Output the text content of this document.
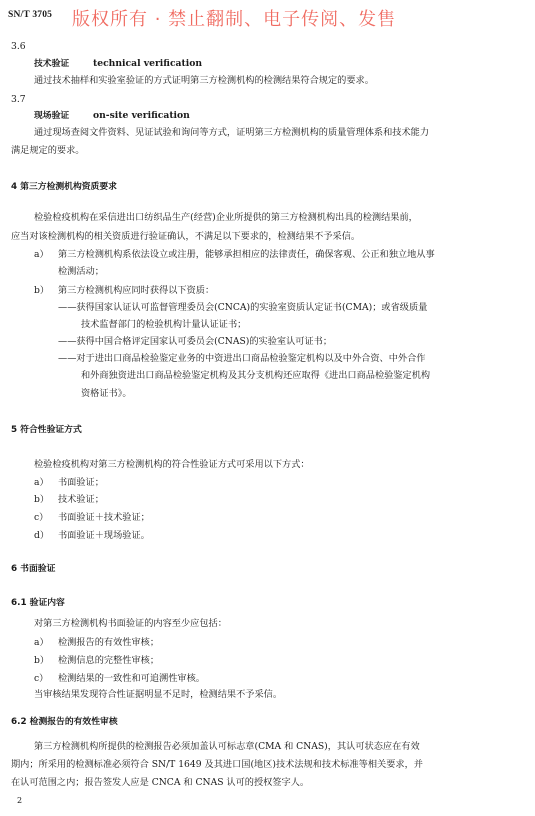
SN/T 3705 版权所有 · 禁止翻制、电子传阅、发售
3.6
技术验证	technical verification
通过技术抽样和实验室验证的方式证明第三方检测机构的检测结果符合规定的要求。
3.7
现场验证	on-site verification
通过现场查阅文件资料、见证试验和询问等方式，证明第三方检测机构的质量管理体系和技术能力
满足规定的要求。
4 第三方检测机构资质要求
检验检疫机构在采信进出口纺织品生产(经营)企业所提供的第三方检测机构出具的检测结果前，
应当对该检测机构的相关资质进行验证确认，不满足以下要求的，检测结果不予采信。
a） 第三方检测机构系依法设立或注册，能够承担相应的法律责任，确保客观、公正和独立地从事
检测活动；
b） 第三方检测机构应同时获得以下资质：
——获得国家认证认可监督管理委员会(CNCA)的实验室资质认定证书(CMA)；或省级质量
技术监督部门的检验机构计量认证证书；
——获得中国合格评定国家认可委员会(CNAS)的实验室认可证书；
——对于进出口商品检验鉴定业务的中资进出口商品检验鉴定机构以及中外合资、中外合作
和外商独资进出口商品检验鉴定机构及其分支机构还应取得《进出口商品检验鉴定机构
资格证书》。
5 符合性验证方式
检验检疫机构对第三方检测机构的符合性验证方式可采用以下方式：
a） 书面验证；
b） 技术验证；
c） 书面验证＋技术验证；
d） 书面验证＋现场验证。
6 书面验证
6.1 验证内容
对第三方检测机构书面验证的内容至少应包括：
a） 检测报告的有效性审核；
b） 检测信息的完整性审核；
c） 检测结果的一致性和可追溯性审核。
当审核结果发现符合性证据明显不足时，检测结果不予采信。
6.2 检测报告的有效性审核
第三方检测机构所提供的检测报告必须加盖认可标志章(CMA 和 CNAS)，其认可状态应在有效
期内；所采用的检测标准必须符合 SN/T 1649 及其进口国(地区)技术法规和技术标准等相关要求，并
在认可范围之内；报告签发人应是 CNCA 和 CNAS 认可的授权签字人。
2
